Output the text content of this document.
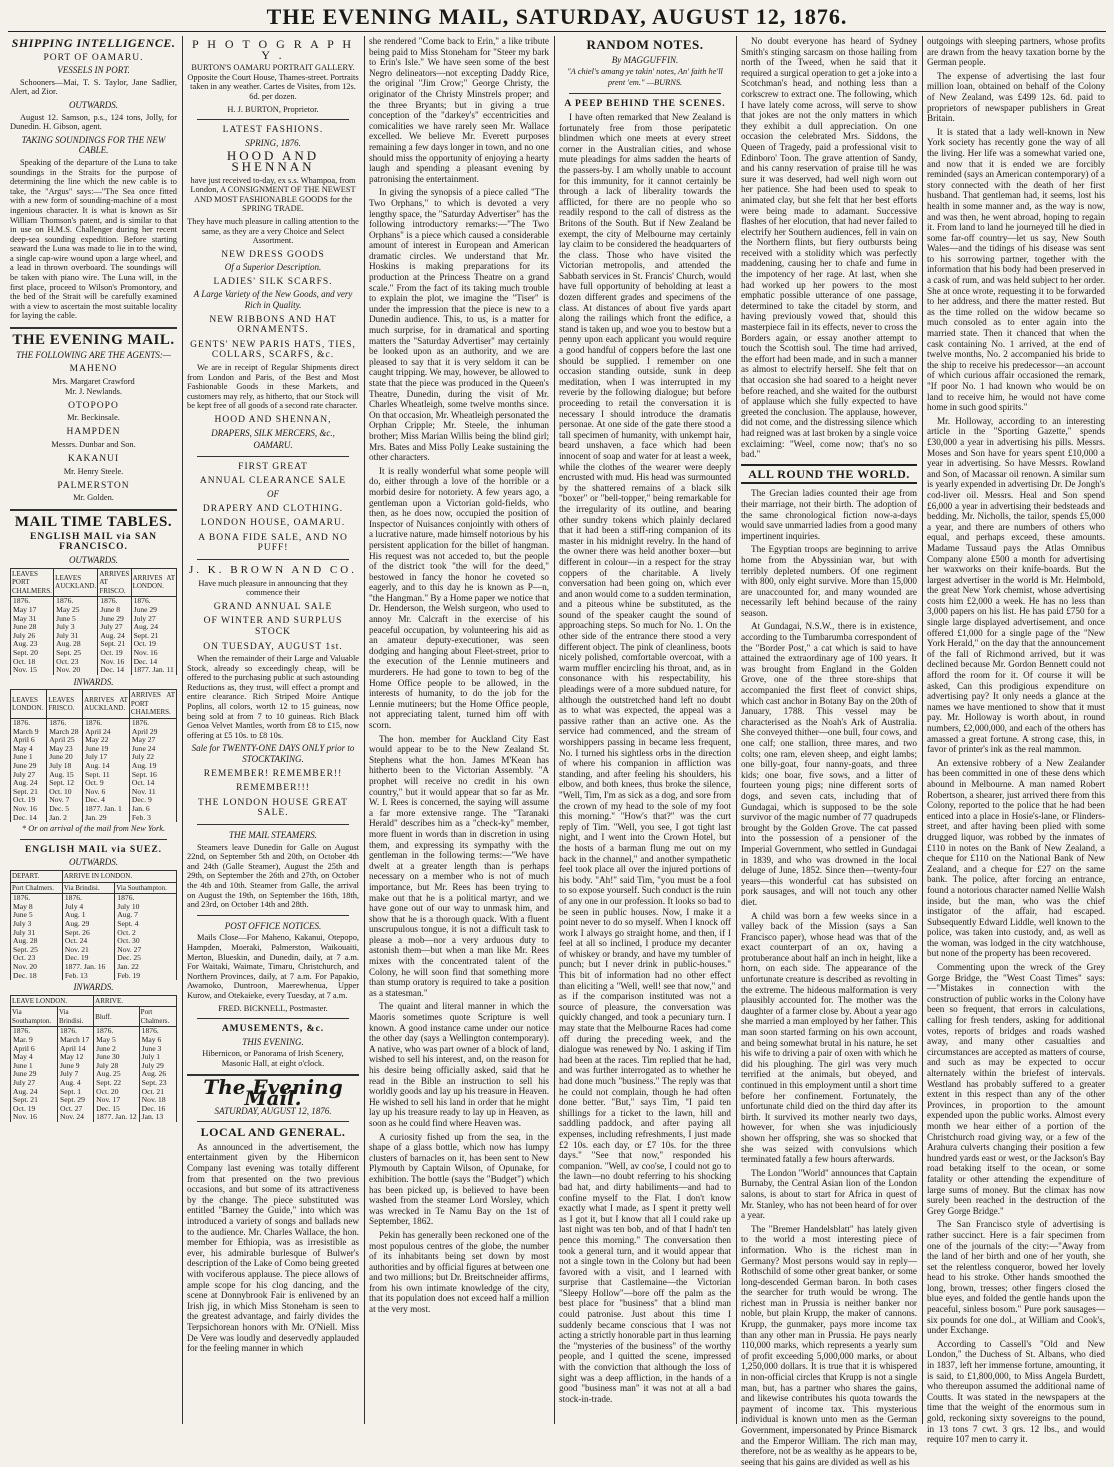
THE EVENING MAIL, SATURDAY, AUGUST 12, 1876.
SHIPPING INTELLIGENCE.
PORT OF OAMARU.
VESSELS IN PORT.

Schooners—Mai, T. S. Taylor, Jane Sadlier, Alert, ad Zior.

OUTWARDS.

August 12. Samson, p.s., 124 tons, Jolly, for Dunedin. H. Gibson, agent.

TAKING SOUNDINGS FOR THE NEW CABLE.

Speaking of the departure of the Luna to take soundings in the Straits for the purpose of determining the line which the new cable is to take, the "Argus" says:—"The Sea once fitted with a new form of sounding-machine of a most ingenious character. It is what is known as Sir William Thomson's patent, and is similar to that in use on H.M.S. Challenger during her recent deep-sea sounding expedition. Before starting seaward the Luna was made to lie in to the wind, a single cap-wire wound upon a large wheel, and a lead in thrown overboard. The soundings will be taken with piano wire. The Luna will, in the first place, proceed to Wilson's Promontory, and the bed of the Strait will be carefully examined with a view to ascertain the most suitable locality for laying the cable.

THE EVENING MAIL.
THE FOLLOWING ARE THE AGENTS:—
MAHENO
Mrs. Margaret Crawford
Mr. J. Newlands.
OTOPOPO
Mr. Beckinsale.
HAMPDEN
Messrs. Dunbar and Son.
KAKANUI
Mr. Henry Steele.
PALMERSTON
Mr. Golden.
MAIL TIME TABLES.
ENGLISH MAIL via SAN FRANCISCO.
OUTWARDS.
LEAVES PORT CHALMERS.	LEAVES AUCKLAND.	ARRIVES AT FRISCO.	ARRIVES AT LONDON.
1876.	1876.	1876.	1876.
May 17	May 25	June 8	June 29
May 31	June 5	June 29	July 27
June 28	July 3	July 27	Aug. 24
July 26	July 31	Aug. 24	Sept. 21
Aug. 23	Aug. 28	Sept. 21	Oct. 19
Sept. 20	Sept. 25	Oct. 19	Nov. 16
Oct. 18	Oct. 23	Nov. 16	Dec. 14
Nov. 15	Nov. 20	Dec. 14	1877. Jan. 11
INWARDS.
LEAVES LONDON.	LEAVES FRISCO.	ARRIVES AT AUCKLAND.	ARRIVES AT PORT CHALMERS.
1876.	1876.	1876.	1876.
March 9	March 28	April 24	April 29
April 6	April 25	May 22	May 27
May 4	May 23	June 19	June 24
June 1	June 20	July 17	July 22
June 29	July 18	Aug. 14	Aug. 19
July 27	Aug. 15	Sept. 11	Sept. 16
Aug. 24	Sept. 12	Oct. 9	Oct. 14
Sept. 21	Oct. 10	Nov. 6	Nov. 11
Oct. 19	Nov. 7	Dec. 4	Dec. 9
Nov. 16	Dec. 5	1877. Jan. 1	Jan. 6
Dec. 14	Jan. 2	Jan. 29	Feb. 3
* Or on arrival of the mail from New York.
ENGLISH MAIL via SUEZ.
OUTWARDS.
DEPART.	ARRIVE IN LONDON.	
Port Chalmers.	Via Brindisi.	Via Southampton.
1876.	1876.	1876.
May 8	July 4	July 10
June 5	Aug. 1	Aug. 7
July 3	Aug. 29	Sept. 4
July 31	Sept. 26	Oct. 2
Aug. 28	Oct. 24	Oct. 30
Sept. 25	Nov. 21	Nov. 27
Oct. 23	Dec. 19	Dec. 25
Nov. 20	1877. Jan. 16	Jan. 22
Dec. 18	Feb. 13	Feb. 19
INWARDS.
LEAVE LONDON.		ARRIVE.	
Via Southampton.	Via Brindisi.	Bluff.	Port Chalmers.
1876.	1876.	1876.	1876.
Mar. 9	March 17	May 5	May 6
April 6	April 14	June 2	June 3
May 4	May 12	June 30	July 1
June 1	June 9	July 28	July 29
June 29	July 7	Aug. 25	Aug. 26
July 27	Aug. 4	Sept. 22	Sept. 23
Aug. 24	Sept. 1	Oct. 20	Oct. 21
Sept. 21	Sept. 29	Nov. 17	Nov. 18
Oct. 19	Oct. 27	Dec. 15	Dec. 16
Nov. 16	Nov. 24	1877. Jan. 12	Jan. 13
P H O T O G R A P H Y .

BURTON'S OAMARU PORTRAIT GALLERY. Opposite the Court House, Thames-street. Portraits taken in any weather. Cartes de Visites, from 12s. 6d. per dozen.

H. J. BURTON, Proprietor.
LATEST FASHIONS.
SPRING, 1876.
HOOD AND SHENNAN

have just received to-day, ex s.s. Whampoa, from London, A CONSIGNMENT OF THE NEWEST AND MOST FASHIONABLE GOODS for the SPRING TRADE.

They have much pleasure in calling attention to the same, as they are a very Choice and Select Assortment.

NEW DRESS GOODS
Of a Superior Description.
LADIES' SILK SCARFS.
A Large Variety of the New Goods, and very Rich in Quality.
NEW RIBBONS AND HAT ORNAMENTS.
GENTS' NEW PARIS HATS, TIES, COLLARS, SCARFS, &c.

We are in receipt of Regular Shipments direct from London and Paris, of the Best and Most Fashionable Goods in these Markets, and customers may rely, as hitherto, that our Stock will be kept free of all goods of a second rate character.

HOOD AND SHENNAN,
DRAPERS, SILK MERCERS, &c.,
OAMARU.
FIRST GREAT
ANNUAL CLEARANCE SALE
OF
DRAPERY AND CLOTHING.
LONDON HOUSE, OAMARU.
A BONA FIDE SALE, AND NO PUFF!
J. K. BROWN AND CO.

Have much pleasure in announcing that they commence their

GRAND ANNUAL SALE
OF WINTER AND SURPLUS STOCK
ON TUESDAY, AUGUST 1st.

When the remainder of their Large and Valuable Stock, already so exceedingly cheap, will be offered to the purchasing public at such astounding Reductions as, they trust, will effect a prompt and entire clearance. Rich Striped Moire Antique Poplins, all colors, worth 12 to 15 guineas, now being sold at from 7 to 10 guineas. Rich Black Genoa Velvet Mantles, worth from £8 to £15, now offering at £5 10s. to £8 10s.

Sale for TWENTY-ONE DAYS ONLY prior to STOCKTAKING.
REMEMBER! REMEMBER!!
REMEMBER!!!
THE LONDON HOUSE GREAT SALE.
THE MAIL STEAMERS.

Steamers leave Dunedin for Galle on August 22nd, on September 5th and 20th, on October 4th and 24th (Galle Steamer), August the 25th and 29th, on September the 26th and 27th, on October the 4th and 10th. Steamer from Galle, the arrival on August the 19th, on September the 16th, 18th, and 23rd, on October 14th and 28th.

POST OFFICE NOTICES.

Mails Close—For Maheno, Kakanui, Otepopo, Hampden, Moeraki, Palmerston, Waikouaiti, Merton, Blueskin, and Dunedin, daily, at 7 a.m. For Waitaki, Waimate, Timaru, Christchurch, and Northern Provinces, daily, at 7 a.m. For Papakio, Awamoko, Duntroon, Maerewhenua, Upper Kurow, and Otekaieke, every Tuesday, at 7 a.m.

FRED. BICKNELL, Postmaster.
AMUSEMENTS, &c.
THIS EVENING.

Hibernicon, or Panorama of Irish Scenery, Masonic Hall, at eight o'clock.

The Evening Mail.
SATURDAY, AUGUST 12, 1876.
LOCAL AND GENERAL.

As announced in the advertisement, the entertainment given by the Hibernicon Company last evening was totally different from that presented on the two previous occasions, and but some of its attractiveness by the change. The piece substituted was entitled "Barney the Guide," into which was introduced a variety of songs and ballads new to the audience. Mr. Charles Wallace, the hon. member for Ethiopia, was as irresistible as ever, his admirable burlesque of Bulwer's description of the Lake of Como being greeted with vociferous applause. The piece allows of ample scope for his clog dancing, and the scene at Donnybrook Fair is enlivened by an Irish jig, in which Miss Stoneham is seen to the greatest advantage, and fairly divides the Terpsichorean honors with Mr. O'Niell. Miss De Vere was loudly and deservedly applauded for the feeling manner in which

she rendered "Come back to Erin," a like tribute being paid to Miss Stoneham for "Steer my bark to Erin's Isle." We have seen some of the best Negro delineators—not excepting Daddy Rice, the original "Jim Crow;" George Christy, the originator of the Christy Minstrels proper; and the three Bryants; but in giving a true conception of the "darkey's" eccentricities and comicalities we have rarely seen Mr. Wallace excelled. We believe Mr. Everett purposes remaining a few days longer in town, and no one should miss the opportunity of enjoying a hearty laugh and spending a pleasant evening by patronising the entertainment.

In giving the synopsis of a piece called "The Two Orphans," to which is devoted a very lengthy space, the "Saturday Advertiser" has the following introductory remarks:—"The Two Orphans" is a piece which caused a considerable amount of interest in European and American dramatic circles. We understand that Mr. Hoskins is making preparations for its production at the Princess Theatre on a grand scale." From the fact of its taking much trouble to explain the plot, we imagine the "Tiser" is under the impression that the piece is new to a Dunedin audience. This, to us, is a matter for much surprise, for in dramatical and sporting matters the "Saturday Advertiser" may certainly be looked upon as an authority, and we are pleased to say that it is very seldom it can be caught tripping. We may, however, be allowed to state that the piece was produced in the Queen's Theatre, Dunedin, during the visit of Mr. Charles Wheatleigh, some twelve months since. On that occasion, Mr. Wheatleigh personated the Orphan Cripple; Mr. Steele, the inhuman brother; Miss Marian Willis being the blind girl; Mrs. Bates and Miss Polly Leake sustaining the other characters.

It is really wonderful what some people will do, either through a love of the horrible or a morbid desire for notoriety. A few years ago, a gentleman upon a Victorian gold-fields, who then, as he does now, occupied the position of Inspector of Nuisances conjointly with others of a lucrative nature, made himself notorious by his persistent application for the billet of hangman. His request was not acceded to, but the people of the district took "the will for the deed," bestowed in fancy the honor he coveted so eagerly, and to this day he is known as P—n, "the Hangman." By a Home paper we notice that Dr. Henderson, the Welsh surgeon, who used to annoy Mr. Calcraft in the exercise of his peaceful occupation, by volunteering his aid as an amateur deputy-executioner, was seen dodging and hanging about Fleet-street, prior to the execution of the Lennie mutineers and murderers. He had gone to town to beg of the Home Office people to be allowed, in the interests of humanity, to do the job for the Lennie mutineers; but the Home Office people, not appreciating talent, turned him off with scorn.

The hon. member for Auckland City East would appear to be to the New Zealand St. Stephens what the hon. James M'Kean has hitherto been to the Victorian Assembly. "A prophet will receive no credit in his own country," but it would appear that so far as Mr. W. I. Rees is concerned, the saying will assume a far more extensive range. The "Taranaki Herald" describes him as a "check-ky" member, more fluent in words than in discretion in using them, and expressing its sympathy with the gentleman in the following terms:—"We have dwelt at a greater length than is perhaps necessary on a member who is not of much importance, but Mr. Rees has been trying to make out that he is a political martyr, and we have gone out of our way to unmask him, and show that he is a thorough quack. With a fluent unscrupulous tongue, it is not a difficult task to please a mob—nor a very arduous duty to astonish them—but when a man like Mr. Rees mixes with the concentrated talent of the Colony, he will soon find that something more than stump oratory is required to take a position as a statesman."

The quaint and literal manner in which the Maoris sometimes quote Scripture is well known. A good instance came under our notice the other day (says a Wellington contemporary). A native, who was part owner of a block of land, wished to sell his interest, and, on the reason for his desire being officially asked, said that he read in the Bible an instruction to sell his worldly goods and lay up his treasure in Heaven. He wished to sell his land in order that he might lay up his treasure ready to lay up in Heaven, as soon as he could find where Heaven was.

A curiosity fished up from the sea, in the shape of a glass bottle, which now has lumpy clusters of barnacles on it, has been sent to New Plymouth by Captain Wilson, of Opunake, for exhibition. The bottle (says the "Budget") which has been picked up, is believed to have been washed from the steamer Lord Worsley, which was wrecked in Te Namu Bay on the 1st of September, 1862.

Pekin has generally been reckoned one of the most populous centres of the globe, the number of its inhabitants being set down by most authorities and by official figures at between one and two millions; but Dr. Breitschneider affirms, from his own intimate knowledge of the city, that its population does not exceed half a million at the very most.

RANDOM NOTES.
By MAGGUFFIN.
"A chiel's amang ye takin' notes, An' faith he'll prent 'em." —BURNS.
A PEEP BEHIND THE SCENES.

I have often remarked that New Zealand is fortunately free from those peripatetic blindmen which one meets at every street corner in the Australian cities, and whose mute pleadings for alms sadden the hearts of the passers-by. I am wholly unable to account for this immunity, for it cannot certainly be through a lack of liberality towards the afflicted, for there are no people who so readily respond to the call of distress as the Britons of the South. But if New Zealand be exempt, the city of Melbourne may certainly lay claim to be considered the headquarters of the class. Those who have visited the Victorian metropolis, and attended the Sabbath services in St. Francis' Church, would have full opportunity of beholding at least a dozen different grades and specimens of the class. At distances of about five yards apart along the railings which front the edifice, a stand is taken up, and woe you to bestow but a penny upon each applicant you would require a good handful of coppers before the last one should be supplied. I remember on one occasion standing outside, sunk in deep meditation, when I was interrupted in my reverie by the following dialogue; but before proceeding to retail the conversation it is necessary I should introduce the dramatis personae. At one side of the gate there stood a tall specimen of humanity, with unkempt hair, beard unshaven, a face which had been innocent of soap and water for at least a week, while the clothes of the wearer were deeply encrusted with mud. His head was surmounted by the shattered remains of a black silk "boxer" or "bell-topper," being remarkable for the irregularity of its outline, and bearing other sundry tokens which plainly declared that it had been a stiff-ring companion of its master in his midnight revelry. In the hand of the owner there was held another boxer—but different in colour—in a respect for the stray coppers of the charitable. A lively conversation had been going on, which ever and anon would come to a sudden termination, and a piteous whine be substituted, as the sound of the speaker caught the sound of approaching steps. So much for No. 1. On the other side of the entrance there stood a very different object. The pink of cleanliness, boots nicely polished, comfortable overcoat, with a warm muffler encircling his throat, and, as in consonance with his respectability, his pleadings were of a more subdued nature, for although the outstretched hand left no doubt as to what was expected, the appeal was a passive rather than an active one. As the service had commenced, and the stream of worshippers passing in became less frequent, No. I turned his sightless orbs in the direction of where his companion in affliction was standing, and after feeling his shoulders, his elbow, and both knees, thus broke the silence, "Well, Tim, I'm as sick as a dog, and sore from the crown of my head to the sole of my foot this morning." "How's that?" was the curt reply of Tim. "Well, you see, I got tight last night, and I went into the Crown Hotel, but the hosts of a barman flung me out on my back in the channel," and another sympathetic feel took place all over the injured portions of his body. "Ah!" said Tim, "you must be a fool to so expose yourself. Such conduct is the ruin of any one in our profession. It looks so bad to be seen in public houses. Now, I make it a point never to do so myself. When I knock off work I always go straight home, and then, if I feel at all so inclined, I produce my decanter of whiskey or brandy, and have my tumbler of punch; but I never drink in public-houses." This bit of information had no other effect than eliciting a "Well, well! see that now," and as if the comparison instituted was not a source of pleasure, the conversation was quickly changed, and took a pecuniary turn. I may state that the Melbourne Races had come off during the preceding week, and the dialogue was renewed by No. 1 asking if Tim had been at the races. Tim replied that he had, and was further interrogated as to whether he had done much "business." The reply was that he could not complain, though he had often done better. "But," says Tim, "I paid ten shillings for a ticket to the lawn, hill and saddling paddock, and after paying all expenses, including refreshments, I just made £2 10s. each day, or £7 10s. for the three days." "See that now," responded his companion. "Well, av coo'se, I could not go to the lawn—no doubt referring to his shocking bad hat, and dirty habiliments—and had to confine myself to the Flat. I don't know exactly what I made, as I spent it pretty well as I got it, but I know that all I could rake up last night was ten bob, and of that I hadn't ten pence this morning." The conversation then took a general turn, and it would appear that not a single town in the Colony but had been favored with a visit, and I learned with surprise that Castlemaine—the Victorian "Sleepy Hollow"—bore off the palm as the best place for "business" that a blind man could patronise. Just about this time I suddenly became conscious that I was not acting a strictly honorable part in thus learning the "mysteries of the business" of the worthy people, and I quitted the scene, impressed with the conviction that although the loss of sight was a deep affliction, in the hands of a good "business man" it was not at all a bad stock-in-trade.

No doubt everyone has heard of Sydney Smith's stinging sarcasm on those hailing from north of the Tweed, when he said that it required a surgical operation to get a joke into a Scotchman's head, and nothing less than a corkscrew to extract one. The following, which I have lately come across, will serve to show that jokes are not the only matters in which they exhibit a dull appreciation. On one occasion the celebrated Mrs. Siddons, the Queen of Tragedy, paid a professional visit to Edinboro' Toon. The grave attention of Sandy, and his canny reservation of praise till he was sure it was deserved, had well nigh worn out her patience. She had been used to speak to animated clay, but she felt that her best efforts were being made to adamant. Successive flashes of her elocution, that had never failed to electrify her Southern audiences, fell in vain on the Northern flints, but fiery outbursts being received with a stolidity which was perfectly maddening, causing her to chafe and fume in the impotency of her rage. At last, when she had worked up her powers to the most emphatic possible utterance of one passage, determined to take the citadel by storm, and having previously vowed that, should this masterpiece fail in its effects, never to cross the Borders again, or essay another attempt to touch the Scottish soul. The time had arrived, the effort had been made, and in such a manner as almost to electrify herself. She felt that on that occasion she had soared to a height never before reached, and she waited for the outburst of applause which she fully expected to have greeted the conclusion. The applause, however, did not come, and the distressing silence which had reigned was at last broken by a single voice exclaiming: "Weel, come now; that's no so bad."

ALL ROUND THE WORLD.

The Grecian ladies counted their age from their marriage, not their birth. The adoption of the same chronological fiction now-a-days would save unmarried ladies from a good many impertinent inquiries.

The Egyptian troops are beginning to arrive home from the Abyssinian war, but with terribly depleted numbers. Of one regiment with 800, only eight survive. More than 15,000 are unaccounted for, and many wounded are necessarily left behind because of the rainy season.

At Gundagai, N.S.W., there is in existence, according to the Tumbarumba correspondent of the "Border Post," a cat which is said to have attained the extraordinary age of 100 years. It was brought from England in the Golden Grove, one of the three store-ships that accompanied the first fleet of convict ships, which cast anchor in Botany Bay on the 20th of January, 1788. This vessel may be characterised as the Noah's Ark of Australia. She conveyed thither—one bull, four cows, and one calf; one stallion, three mares, and two colts; one ram, eleven sheep, and eight lambs; one billy-goat, four nanny-goats, and three kids; one boar, five sows, and a litter of fourteen young pigs; nine different sorts of dogs, and seven cats, including that of Gundagai, which is supposed to be the sole survivor of the magic number of 77 quadrupeds brought by the Golden Grove. The cat passed into the possession of a pensioner of the Imperial Government, who settled in Gundagai in 1839, and who was drowned in the local deluge of June, 1852. Since then—twenty-four years—this wonderful cat has subsisted on pork sausages, and will not touch any other diet.

A child was born a few weeks since in a valley back of the Mission (says a San Francisco paper), whose head was that of the exact counterpart of an ox, having a protuberance about half an inch in height, like a horn, on each side. The appearance of the unfortunate creature is described as revolting in the extreme. The hideous malformation is very plausibly accounted for. The mother was the daughter of a farmer close by. About a year ago she married a man employed by her father. This man soon started farming on his own account, and being somewhat brutal in his nature, he set his wife to driving a pair of oxen with which he did his ploughing. The girl was very much terrified at the animals, but obeyed, and continued in this employment until a short time before her confinement. Fortunately, the unfortunate child died on the third day after its birth. It survived its mother nearly two days, however, for when she was injudiciously shown her offspring, she was so shocked that she was seized with convulsions which terminated fatally a few hours afterwards.

The London "World" announces that Captain Burnaby, the Central Asian lion of the London salons, is about to start for Africa in quest of Mr. Stanley, who has not been heard of for over a year.

The "Bremer Handelsblatt" has lately given to the world a most interesting piece of information. Who is the richest man in Germany? Most persons would say in reply—Rothschild of some other great banker, or some long-descended German baron. In both cases the searcher for truth would be wrong. The richest man in Prussia is neither banker nor noble, but plain Krupp, the maker of cannons. Krupp, the gunmaker, pays more income tax than any other man in Prussia. He pays nearly 110,000 marks, which represents a yearly sum of profit exceeding 5,000,000 marks, or about 1,250,000 dollars. It is true that it is whispered in non-official circles that Krupp is not a single man, but, has a partner who shares the gains, and likewise contributes his quota towards the payment of income tax. This mysterious individual is known unto men as the German Government, impersonated by Prince Bismarck and the Emperor William. The rich man may, therefore, not be as wealthy as he appears to be, seeing that his gains are divided as well as his

outgoings with sleeping partners, whose profits are drawn from the heavy taxation borne by the German people.

The expense of advertising the last four million loan, obtained on behalf of the Colony of New Zealand, was £499 12s. 6d. paid to proprietors of newspaper publishers in Great Britain.

It is stated that a lady well-known in New York society has recently gone the way of all the living. Her life was a somewhat varied one, and now that it is ended we are forcibly reminded (says an American contemporary) of a story connected with the death of her first husband. That gentleman had, it seems, lost his health in some manner and, as the way is now, and was then, he went abroad, hoping to regain it. From land to land he journeyed till he died in some far-off country—let us say, New South Wales—and the tidings of his disease was sent to his sorrowing partner, together with the information that his body had been preserved in a cask of rum, and was held subject to her order. She at once wrote, requesting it to be forwarded to her address, and there the matter rested. But as the time rolled on the widow became so much consoled as to enter again into the married state. Then it chanced that when the cask containing No. 1 arrived, at the end of twelve months, No. 2 accompanied his bride to the ship to receive his predecessor—an account of which curious affair occasioned the remark, "If poor No. 1 had known who would be on land to receive him, he would not have come home in such good spirits."

Mr. Holloway, according to an interesting article in the "Sporting Gazette," spends £30,000 a year in advertising his pills. Messrs. Moses and Son have for years spent £10,000 a year in advertising. So have Messrs. Rowland and Son, of Macassar oil renown. A similar sum is yearly expended in advertising Dr. De Jongh's cod-liver oil. Messrs. Heal and Son spend £6,000 a year in advertising their bedsteads and bedding. Mr. Nicholls, the tailor, spends £5,000 a year, and there are numbers of others who equal, and perhaps exceed, these amounts. Madame Tussaud pays the Atlas Omnibus Company alone £500 a month for advertising her waxworks on their knife-boards. But the largest advertiser in the world is Mr. Helmbold, the great New York chemist, whose advertising costs him £2,000 a week. He has no less than 3,000 papers on his list. He has paid £750 for a single large displayed advertisement, and once offered £1,000 for a single page of the "New York Herald," on the day that the announcement of the fall of Richmond arrived, but it was declined because Mr. Gordon Bennett could not afford the room for it. Of course it will be asked, Can this prodigious expenditure on advertising pay? It only needs a glance at the names we have mentioned to show that it must pay. Mr. Holloway is worth about, in round numbers, £2,000,000, and each of the others has amassed a great fortune. A strong case, this, in favor of printer's ink as the real mammon.

An extensive robbery of a New Zealander has been committed in one of these dens which abound in Melbourne. A man named Robert Robertson, a shearer, just arrived there from this Colony, reported to the police that he had been enticed into a place in Hosie's-lane, or Flinders-street, and after having been plied with some drugged liquor, was robbed by the inmates of £110 in notes on the Bank of New Zealand, a cheque for £110 on the National Bank of New Zealand, and a cheque for £27 on the same bank. The police, after forcing an entrance, found a notorious character named Nellie Walsh inside, but the man, who was the chief instigator of the affair, had escaped. Subsequently Edward Liddle, well known to the police, was taken into custody, and, as well as the woman, was lodged in the city watchhouse, but none of the property has been recovered.

Commenting upon the wreck of the Grey Gorge Bridge, the "West Coast Times" says:—"Mistakes in connection with the construction of public works in the Colony have been so frequent, that errors in calculations, calling for fresh tenders, asking for additional votes, reports of bridges and roads washed away, and many other casualties and circumstances are accepted as matters of course, and such as may be expected to occur alternately within the briefest of intervals. Westland has probably suffered to a greater extent in this respect than any of the other Provinces, in proportion to the amount expended upon the public works. Almost every month we hear either of a portion of the Christchurch road giving way, or a few of the Arahura culverts changing their position a few hundred yards east or west, or the Jackson's Bay road betaking itself to the ocean, or some fatality or other attending the expenditure of large sums of money. But the climax has now surely been reached in the destruction of the Grey Gorge Bridge."

The San Francisco style of advertising is rather succinct. Here is a fair specimen from one of the journals of the city:—"Away from the land of her birth and one of her youth, she set the relentless conqueror, bowed her lovely head to his stroke. Other hands smoothed the long, brown, tresses; other fingers closed the blue eyes, and folded the gentle hands upon the peaceful, sinless bosom." Pure pork sausages—six pounds for one dol., at William and Cook's, under Exchange.

According to Cassell's "Old and New London," the Duchess of St. Albans, who died in 1837, left her immense fortune, amounting, it is said, to £1,800,000, to Miss Angela Burdett, who thereupon assumed the additional name of Coutts. It was stated in the newspapers at the time that the weight of the enormous sum in gold, reckoning sixty sovereigns to the pound, in 13 tons 7 cwt. 3 qrs. 12 lbs., and would require 107 men to carry it.
